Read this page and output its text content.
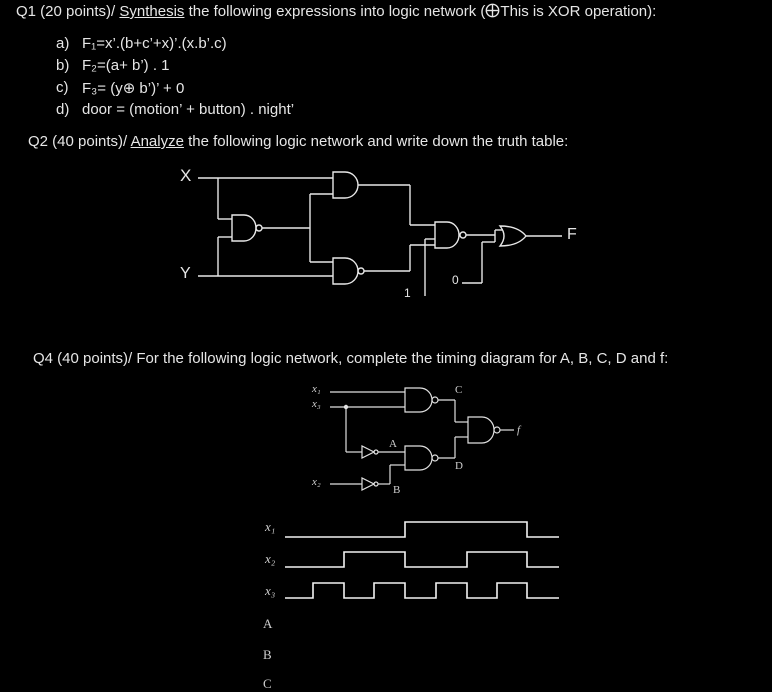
Q1 (20 points)/ Synthesis the following expressions into logic network ( This is XOR operation):
a) F₁=x’.(b+c’+x)’.(x.b’.c)
b) F₂=(a+ b’) . 1
c) F₃= (y⊕ b’)’ + 0
d) door = (motion’ + button) . night’
Q2 (40 points)/ Analyze the following logic network and write down the truth table:
X
Y
F
1
0
Q4 (40 points)/ For the following logic network, complete the timing diagram for A, B, C, D and f:
x₁
x₃
x₂
C
A
D
B
f
x₁
x₂
x₃
A
B
C
